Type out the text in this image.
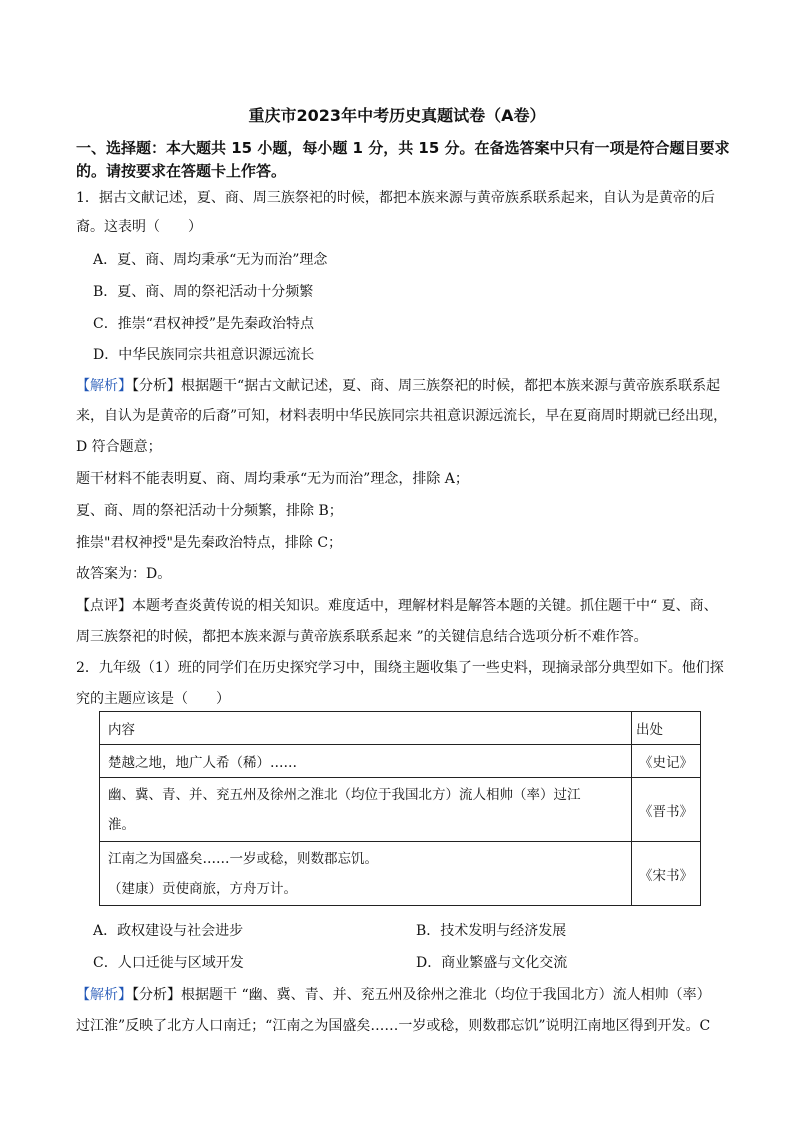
重庆市2023年中考历史真题试卷（A卷）
一、选择题：本大题共 15 小题，每小题 1 分，共 15 分。在备选答案中只有一项是符合题目要求
的。请按要求在答题卡上作答。
1．据古文献记述，夏、商、周三族祭祀的时候，都把本族来源与黄帝族系联系起来，自认为是黄帝的后
裔。这表明（　　）
A．夏、商、周均秉承“无为而治”理念
B．夏、商、周的祭祀活动十分频繁
C．推崇“君权神授”是先秦政治特点
D．中华民族同宗共祖意识源远流长
【解析】【分析】根据题干“据古文献记述，夏、商、周三族祭祀的时候，都把本族来源与黄帝族系联系起
来，自认为是黄帝的后裔”可知，材料表明中华民族同宗共祖意识源远流长，早在夏商周时期就已经出现，
D 符合题意；
题干材料不能表明夏、商、周均秉承“无为而治”理念，排除 A；
夏、商、周的祭祀活动十分频繁，排除 B；
推崇"君权神授"是先秦政治特点，排除 C；
故答案为：D。
【点评】本题考查炎黄传说的相关知识。难度适中，理解材料是解答本题的关键。抓住题干中“ 夏、商、
周三族祭祀的时候，都把本族来源与黄帝族系联系起来 ”的关键信息结合选项分析不难作答。
2．九年级（1）班的同学们在历史探究学习中，围绕主题收集了一些史料，现摘录部分典型如下。他们探
究的主题应该是（　　）
内容	出处
楚越之地，地广人希（稀）……	《史记》

幽、冀、青、并、兖五州及徐州之淮北（均位于我国北方）流人相帅（率）过江
淮。	《晋书》

江南之为国盛矣……一岁或稔，则数郡忘饥。
（建康）贡使商旅，方舟万计。	《宋书》
A．政权建设与社会进步	B．技术发明与经济发展
C．人口迁徙与区域开发	D．商业繁盛与文化交流
【解析】【分析】根据题干 “幽、冀、青、并、兖五州及徐州之淮北（均位于我国北方）流人相帅（率）
过江淮”反映了北方人口南迁；“江南之为国盛矣……一岁或稔，则数郡忘饥”说明江南地区得到开发。C
